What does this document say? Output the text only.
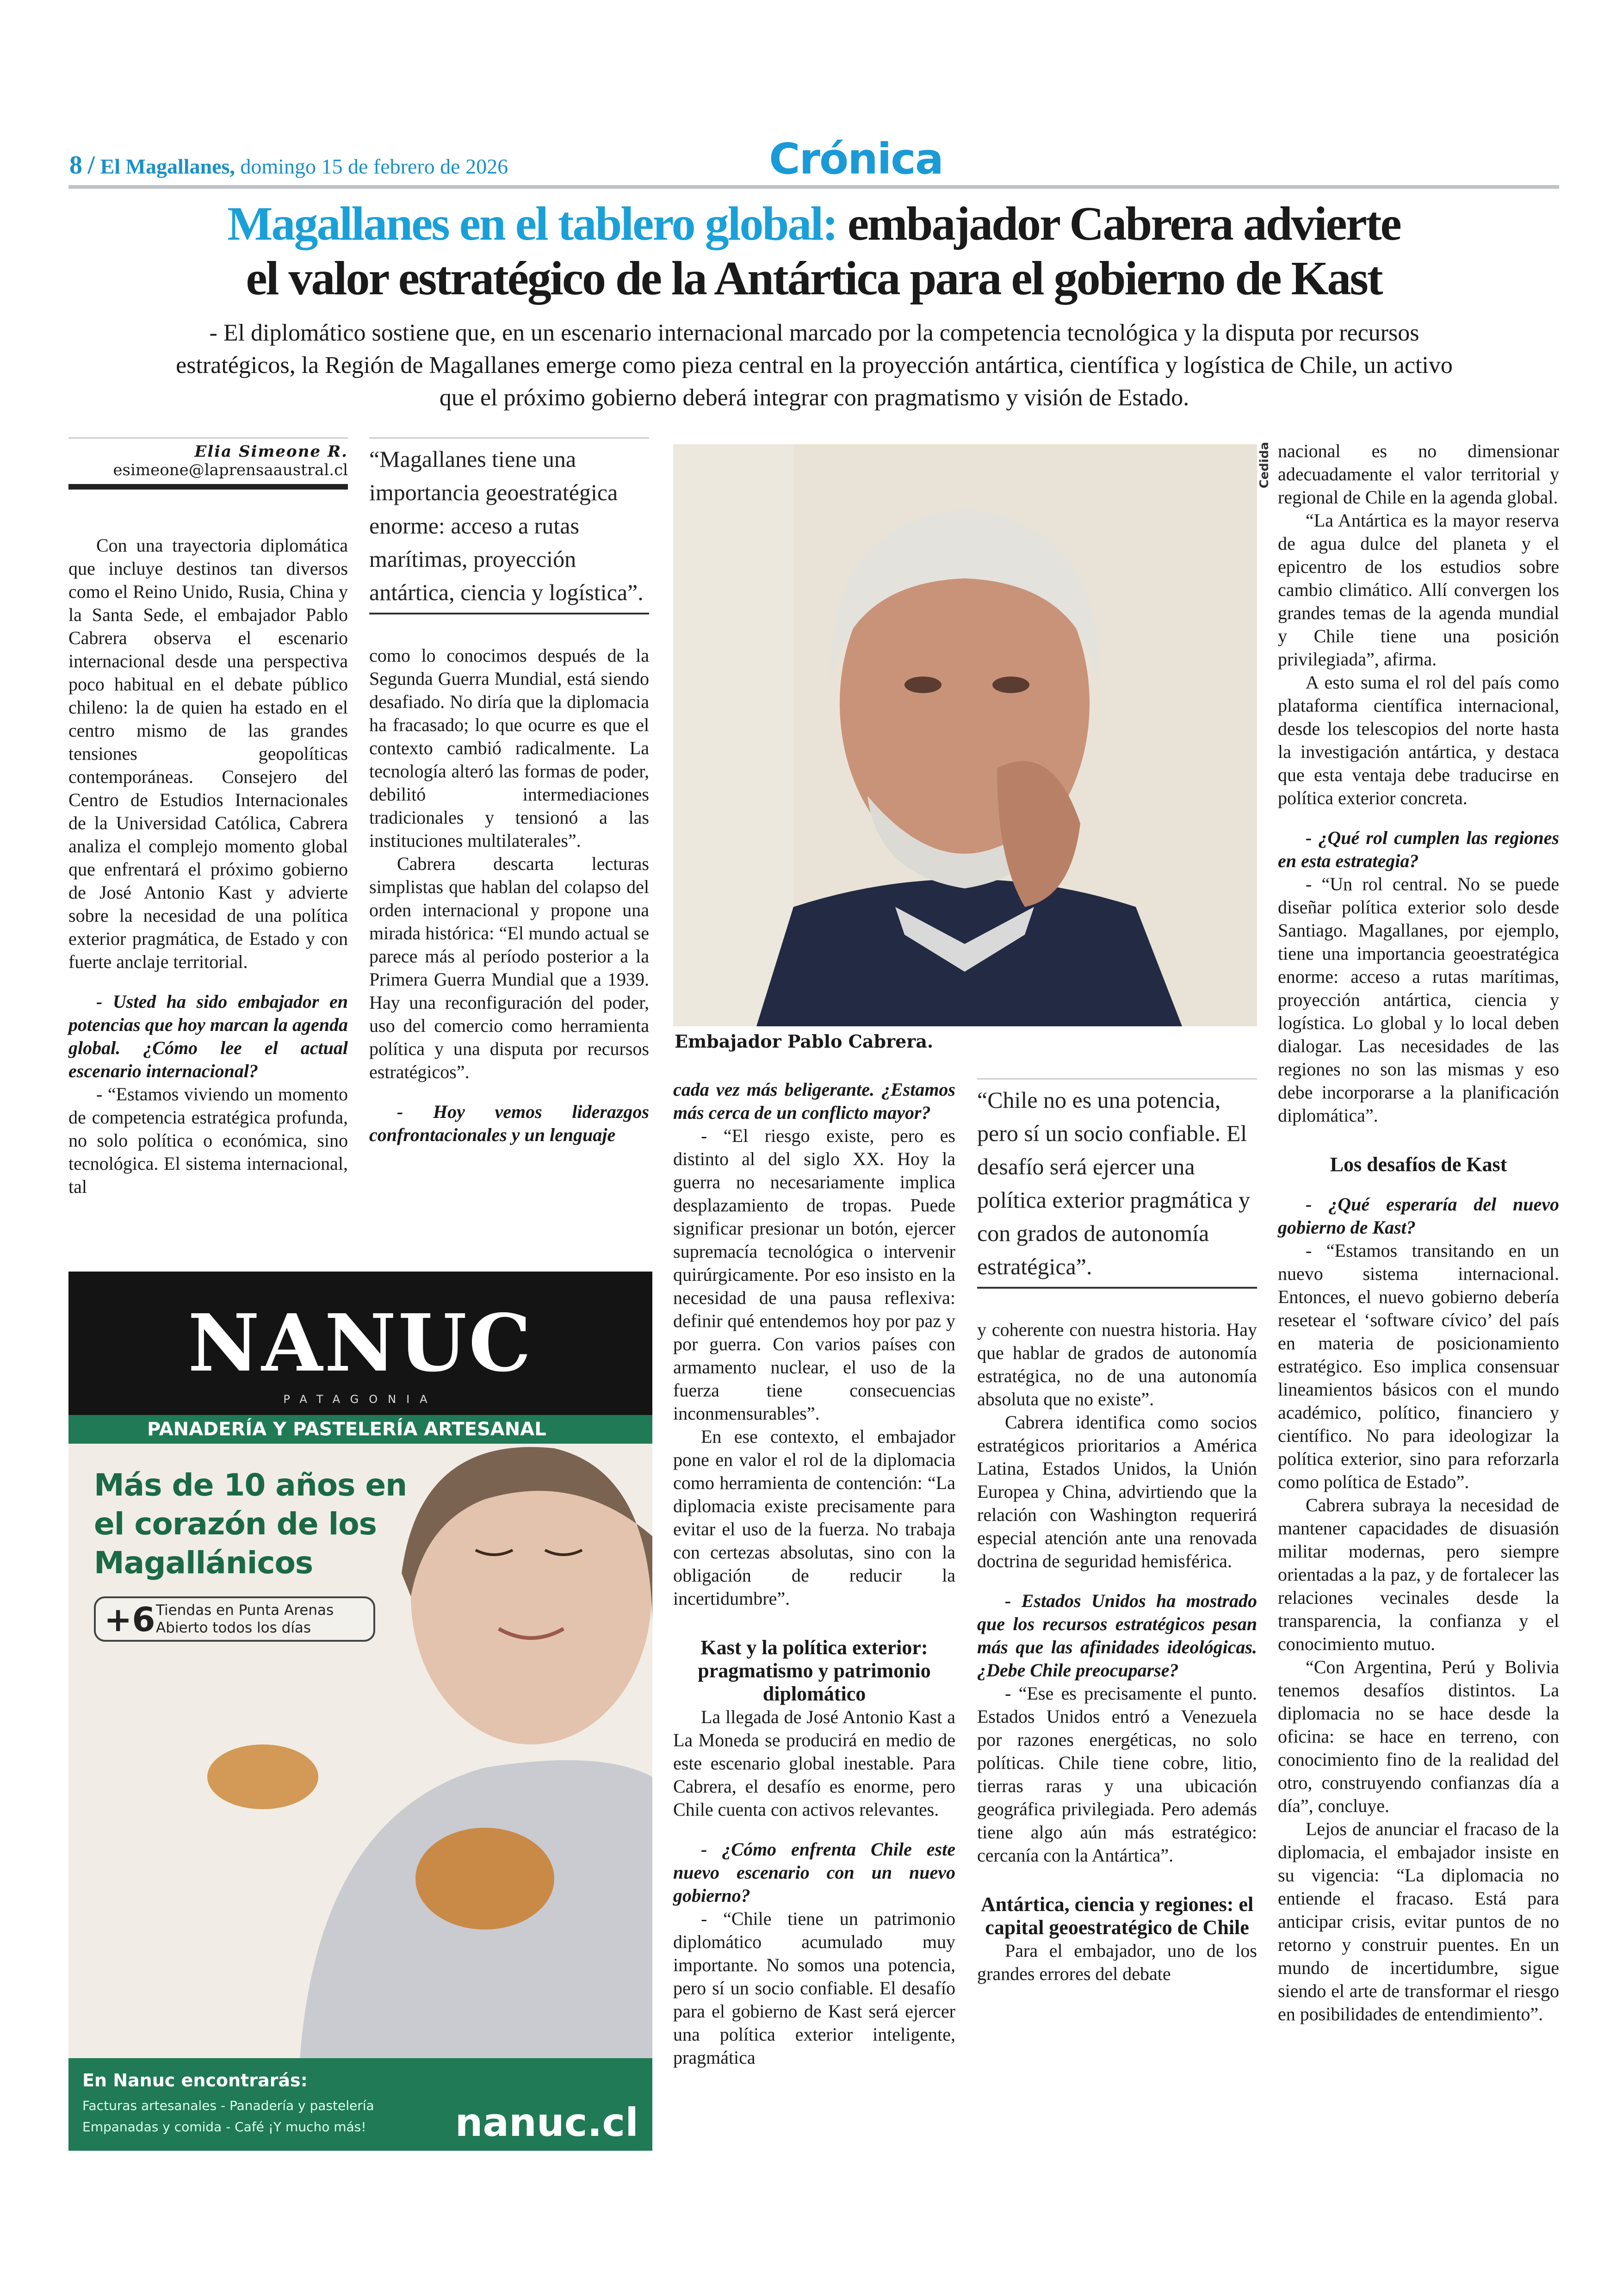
8 / El Magallanes, domingo 15 de febrero de 2026	Crónica
Magallanes en el tablero global: embajador Cabrera advierte
el valor estratégico de la Antártica para el gobierno de Kast
- El diplomático sostiene que, en un escenario internacional marcado por la competencia tecnológica y la disputa por recursos estratégicos, la Región de Magallanes emerge como pieza central en la proyección antártica, científica y logística de Chile, un activo que el próximo gobierno deberá integrar con pragmatismo y visión de Estado.
Elia Simeone R.
esimeone@laprensaaustral.cl

Con una trayectoria diplomática que incluye destinos tan diversos como el Reino Unido, Rusia, China y la Santa Sede, el embajador Pablo Cabrera observa el escenario internacional desde una perspectiva poco habitual en el debate público chileno: la de quien ha estado en el centro mismo de las grandes tensiones geopolíticas contemporáneas. Consejero del Centro de Estudios Internacionales de la Universidad Católica, Cabrera analiza el complejo momento global que enfrentará el próximo gobierno de José Antonio Kast y advierte sobre la necesidad de una política exterior pragmática, de Estado y con fuerte anclaje territorial.

- Usted ha sido embajador en potencias que hoy marcan la agenda global. ¿Cómo lee el actual escenario internacional?

- “Estamos viviendo un momento de competencia estratégica profunda, no solo política o económica, sino tecnológica. El sistema internacional, tal

“Magallanes tiene una importancia geoestratégica enorme: acceso a rutas marítimas, proyección antártica, ciencia y logística”.

como lo conocimos después de la Segunda Guerra Mundial, está siendo desafiado. No diría que la diplomacia ha fracasado; lo que ocurre es que el contexto cambió radicalmente. La tecnología alteró las formas de poder, debilitó intermediaciones tradicionales y tensionó a las instituciones multilaterales”.

Cabrera descarta lecturas simplistas que hablan del colapso del orden internacional y propone una mirada histórica: “El mundo actual se parece más al período posterior a la Primera Guerra Mundial que a 1939. Hay una reconfiguración del poder, uso del comercio como herramienta política y una disputa por recursos estratégicos”.

- Hoy vemos liderazgos confrontacionales y un lenguaje

Cedida
Embajador Pablo Cabrera.

cada vez más beligerante. ¿Estamos más cerca de un conflicto mayor?

- “El riesgo existe, pero es distinto al del siglo XX. Hoy la guerra no necesariamente implica desplazamiento de tropas. Puede significar presionar un botón, ejercer supremacía tecnológica o intervenir quirúrgicamente. Por eso insisto en la necesidad de una pausa reflexiva: definir qué entendemos hoy por paz y por guerra. Con varios países con armamento nuclear, el uso de la fuerza tiene consecuencias inconmensurables”.

En ese contexto, el embajador pone en valor el rol de la diplomacia como herramienta de contención: “La diplomacia existe precisamente para evitar el uso de la fuerza. No trabaja con certezas absolutas, sino con la obligación de reducir la incertidumbre”.

Kast y la política exterior: pragmatismo y patrimonio diplomático

La llegada de José Antonio Kast a La Moneda se producirá en medio de este escenario global inestable. Para Cabrera, el desafío es enorme, pero Chile cuenta con activos relevantes.

- ¿Cómo enfrenta Chile este nuevo escenario con un nuevo gobierno?

- “Chile tiene un patrimonio diplomático acumulado muy importante. No somos una potencia, pero sí un socio confiable. El desafío para el gobierno de Kast será ejercer una política exterior inteligente, pragmática

“Chile no es una potencia, pero sí un socio confiable. El desafío será ejercer una política exterior pragmática y con grados de autonomía estratégica”.

y coherente con nuestra historia. Hay que hablar de grados de autonomía estratégica, no de una autonomía absoluta que no existe”.

Cabrera identifica como socios estratégicos prioritarios a América Latina, Estados Unidos, la Unión Europea y China, advirtiendo que la relación con Washington requerirá especial atención ante una renovada doctrina de seguridad hemisférica.

- Estados Unidos ha mostrado que los recursos estratégicos pesan más que las afinidades ideológicas. ¿Debe Chile preocuparse?

- “Ese es precisamente el punto. Estados Unidos entró a Venezuela por razones energéticas, no solo políticas. Chile tiene cobre, litio, tierras raras y una ubicación geográfica privilegiada. Pero además tiene algo aún más estratégico: cercanía con la Antártica”.

Antártica, ciencia y regiones: el capital geoestratégico de Chile

Para el embajador, uno de los grandes errores del debate

nacional es no dimensionar adecuadamente el valor territorial y regional de Chile en la agenda global.

“La Antártica es la mayor reserva de agua dulce del planeta y el epicentro de los estudios sobre cambio climático. Allí convergen los grandes temas de la agenda mundial y Chile tiene una posición privilegiada”, afirma.

A esto suma el rol del país como plataforma científica internacional, desde los telescopios del norte hasta la investigación antártica, y destaca que esta ventaja debe traducirse en política exterior concreta.

- ¿Qué rol cumplen las regiones en esta estrategia?

- “Un rol central. No se puede diseñar política exterior solo desde Santiago. Magallanes, por ejemplo, tiene una importancia geoestratégica enorme: acceso a rutas marítimas, proyección antártica, ciencia y logística. Lo global y lo local deben dialogar. Las necesidades de las regiones no son las mismas y eso debe incorporarse a la planificación diplomática”.

Los desafíos de Kast

- ¿Qué esperaría del nuevo gobierno de Kast?

- “Estamos transitando en un nuevo sistema internacional. Entonces, el nuevo gobierno debería resetear el ‘software cívico’ del país en materia de posicionamiento estratégico. Eso implica consensuar lineamientos básicos con el mundo académico, político, financiero y científico. No para ideologizar la política exterior, sino para reforzarla como política de Estado”.

Cabrera subraya la necesidad de mantener capacidades de disuasión militar modernas, pero siempre orientadas a la paz, y de fortalecer las relaciones vecinales desde la transparencia, la confianza y el conocimiento mutuo.

“Con Argentina, Perú y Bolivia tenemos desafíos distintos. La diplomacia no se hace desde la oficina: se hace en terreno, con conocimiento fino de la realidad del otro, construyendo confianzas día a día”, concluye.

Lejos de anunciar el fracaso de la diplomacia, el embajador insiste en su vigencia: “La diplomacia no entiende el fracaso. Está para anticipar crisis, evitar puntos de no retorno y construir puentes. En un mundo de incertidumbre, sigue siendo el arte de transformar el riesgo en posibilidades de entendimiento”.

NANUC
PATAGONIA
PANADERÍA Y PASTELERÍA ARTESANAL
Más de 10 años en el corazón de los Magallánicos
+6 Tiendas en Punta Arenas
Abierto todos los días
En Nanuc encontrarás:
Facturas artesanales - Panadería y pastelería
Empanadas y comida - Café ¡Y mucho más! nanuc.cl
